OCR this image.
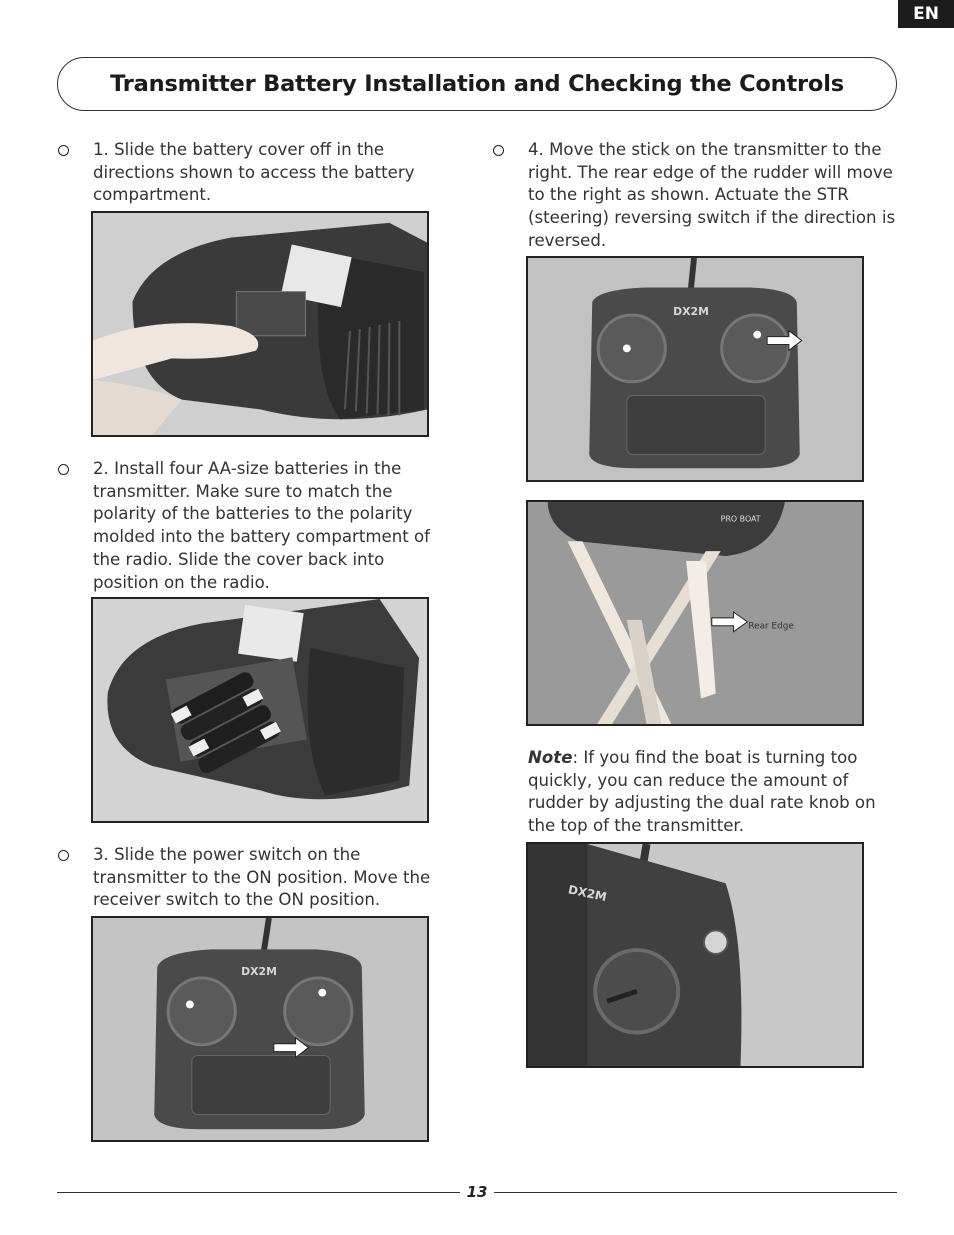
EN
Transmitter Battery Installation and Checking the Controls
1. Slide the battery cover off in the directions shown to access the battery compartment.
2. Install four AA-size batteries in the transmitter. Make sure to match the polarity of the batteries to the polarity molded into the battery compartment of the radio. Slide the cover back into position on the radio.
3. Slide the power switch on the transmitter to the ON position. Move the receiver switch to the ON position.
DX2M
4. Move the stick on the transmitter to the right. The rear edge of the rudder will move to the right as shown. Actuate the STR (steering) reversing switch if the direction is reversed.
DX2M
PRO BOAT
Rear Edge
Note: If you find the boat is turning too quickly, you can reduce the amount of rudder by adjusting the dual rate knob on the top of the transmitter.
DX2M
13
